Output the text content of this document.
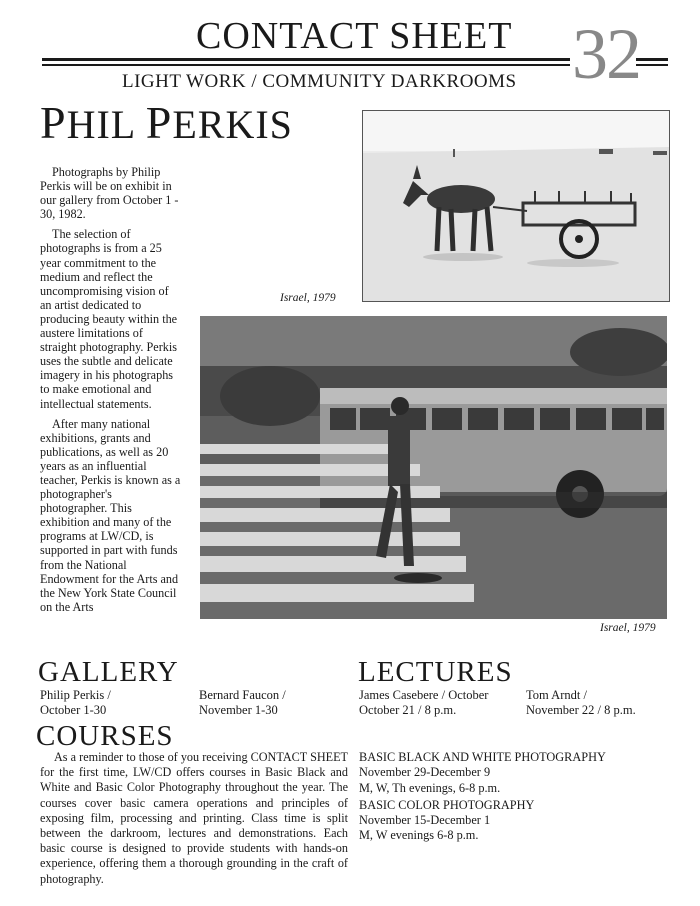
CONTACT SHEET 32
LIGHT WORK / COMMUNITY DARKROOMS
PHIL PERKIS

Photographs by Philip Perkis will be on exhibit in our gallery from October 1 - 30, 1982.

The selection of photographs is from a 25 year commitment to the medium and reflect the uncompromising vision of an artist dedicated to producing beauty within the austere limitations of straight photography. Perkis uses the subtle and delicate imagery in his photographs to make emotional and intellectual statements.

After many national exhibitions, grants and publications, as well as 20 years as an influential teacher, Perkis is known as a photographer's photographer. This exhibition and many of the programs at LW/CD, is supported in part with funds from the National Endowment for the Arts and the New York State Council on the Arts

Israel, 1979
Israel, 1979
GALLERY
Philip Perkis /
October 1-30
Bernard Faucon /
November 1-30
LECTURES
James Casebere / October
October 21 / 8 p.m.
Tom Arndt /
November 22 / 8 p.m.
COURSES

As a reminder to those of you receiving CONTACT SHEET for the first time, LW/CD offers courses in Basic Black and White and Basic Color Photography throughout the year. The courses cover basic camera operations and principles of exposing film, processing and printing. Class time is split between the darkroom, lectures and demonstrations. Each basic course is designed to provide students with hands-on experience, offering them a thorough grounding in the craft of photography.

BASIC BLACK AND WHITE PHOTOGRAPHY
November 29-December 9
M, W, Th evenings, 6-8 p.m.
BASIC COLOR PHOTOGRAPHY
November 15-December 1
M, W evenings 6-8 p.m.
